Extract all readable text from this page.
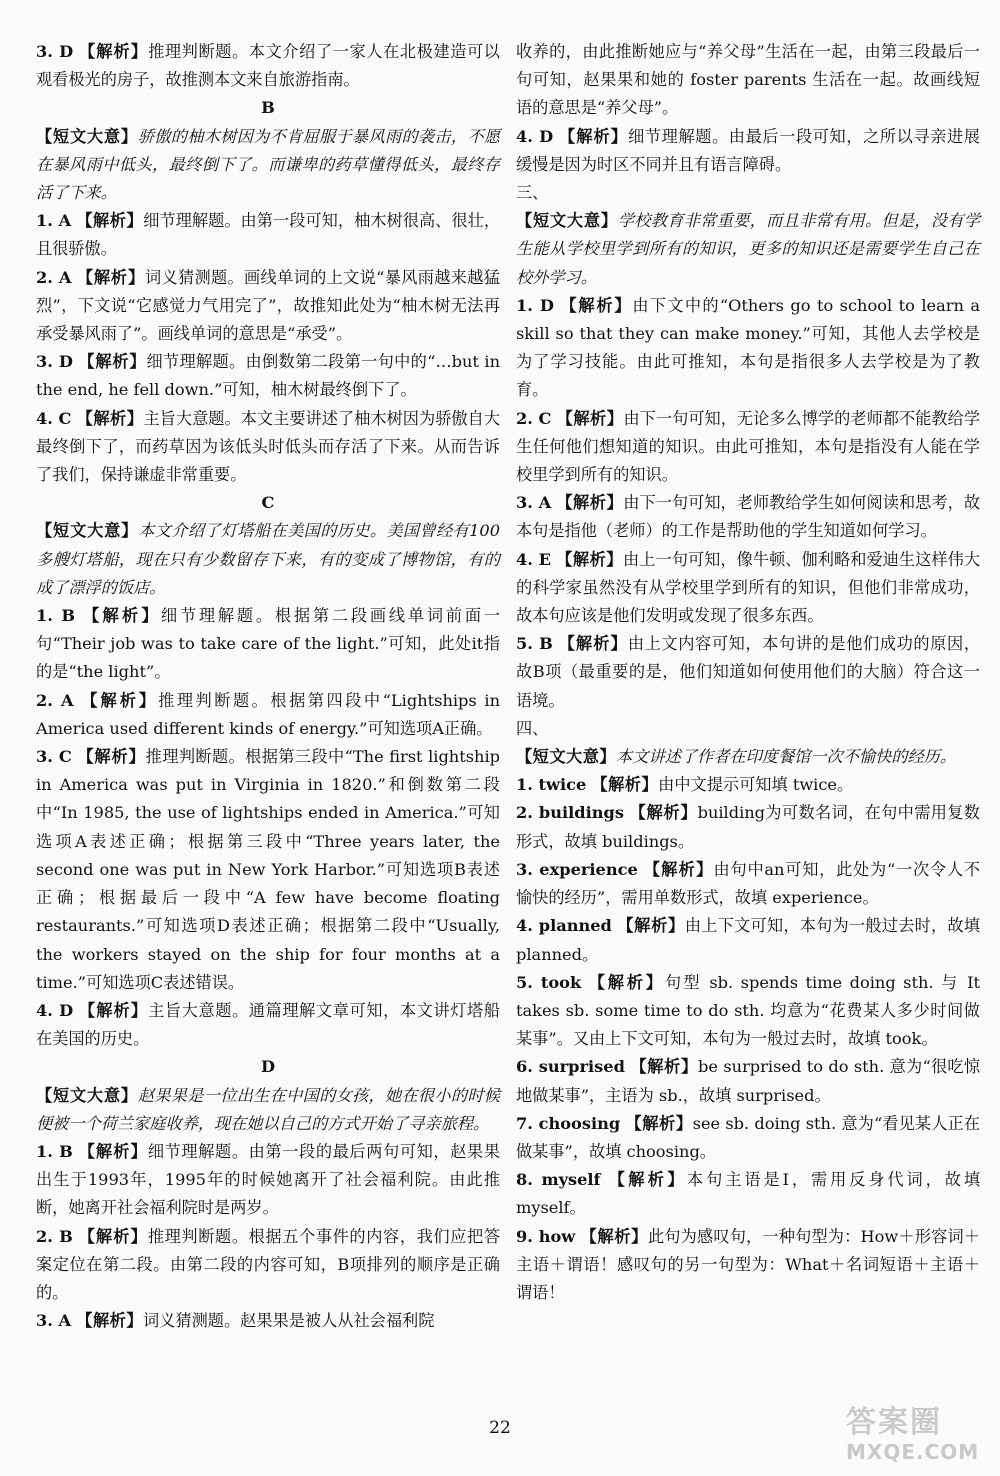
3. D 【解析】推理判断题。本文介绍了一家人在北极建造可以观看极光的房子，故推测本文来自旅游指南。

B

【短文大意】骄傲的柚木树因为不肯屈服于暴风雨的袭击，不愿在暴风雨中低头，最终倒下了。而谦卑的药草懂得低头，最终存活了下来。

1. A 【解析】细节理解题。由第一段可知，柚木树很高、很壮，且很骄傲。

2. A 【解析】词义猜测题。画线单词的上文说“暴风雨越来越猛烈”，下文说“它感觉力气用完了”，故推知此处为“柚木树无法再承受暴风雨了”。画线单词的意思是“承受”。

3. D 【解析】细节理解题。由倒数第二段第一句中的“…but in the end, he fell down.”可知，柚木树最终倒下了。

4. C 【解析】主旨大意题。本文主要讲述了柚木树因为骄傲自大最终倒下了，而药草因为该低头时低头而存活了下来。从而告诉了我们，保持谦虚非常重要。

C

【短文大意】本文介绍了灯塔船在美国的历史。美国曾经有100多艘灯塔船，现在只有少数留存下来，有的变成了博物馆，有的成了漂浮的饭店。

1. B 【解析】细节理解题。根据第二段画线单词前面一句“Their job was to take care of the light.”可知，此处it指的是“the light”。

2. A 【解析】推理判断题。根据第四段中“Lightships in America used different kinds of energy.”可知选项A正确。

3. C 【解析】推理判断题。根据第三段中“The first lightship in America was put in Virginia in 1820.”和倒数第二段中“In 1985, the use of lightships ended in America.”可知选项A表述正确；根据第三段中“Three years later, the second one was put in New York Harbor.”可知选项B表述正确；根据最后一段中“A few have become floating restaurants.”可知选项D表述正确；根据第二段中“Usually, the workers stayed on the ship for four months at a time.”可知选项C表述错误。

4. D 【解析】主旨大意题。通篇理解文章可知，本文讲灯塔船在美国的历史。

D

【短文大意】赵果果是一位出生在中国的女孩，她在很小的时候便被一个荷兰家庭收养，现在她以自己的方式开始了寻亲旅程。

1. B 【解析】细节理解题。由第一段的最后两句可知，赵果果出生于1993年，1995年的时候她离开了社会福利院。由此推断，她离开社会福利院时是两岁。

2. B 【解析】推理判断题。根据五个事件的内容，我们应把答案定位在第二段。由第二段的内容可知，B项排列的顺序是正确的。

3. A 【解析】词义猜测题。赵果果是被人从社会福利院

收养的，由此推断她应与“养父母”生活在一起，由第三段最后一句可知，赵果果和她的 foster parents 生活在一起。故画线短语的意思是“养父母”。

4. D 【解析】细节理解题。由最后一段可知，之所以寻亲进展缓慢是因为时区不同并且有语言障碍。

三、

【短文大意】学校教育非常重要，而且非常有用。但是，没有学生能从学校里学到所有的知识，更多的知识还是需要学生自己在校外学习。

1. D 【解析】由下文中的“Others go to school to learn a skill so that they can make money.”可知，其他人去学校是为了学习技能。由此可推知，本句是指很多人去学校是为了教育。

2. C 【解析】由下一句可知，无论多么博学的老师都不能教给学生任何他们想知道的知识。由此可推知，本句是指没有人能在学校里学到所有的知识。

3. A 【解析】由下一句可知，老师教给学生如何阅读和思考，故本句是指他（老师）的工作是帮助他的学生知道如何学习。

4. E 【解析】由上一句可知，像牛顿、伽利略和爱迪生这样伟大的科学家虽然没有从学校里学到所有的知识，但他们非常成功，故本句应该是他们发明或发现了很多东西。

5. B 【解析】由上文内容可知，本句讲的是他们成功的原因，故B项（最重要的是，他们知道如何使用他们的大脑）符合这一语境。

四、

【短文大意】本文讲述了作者在印度餐馆一次不愉快的经历。

1. twice 【解析】由中文提示可知填 twice。

2. buildings 【解析】building为可数名词，在句中需用复数形式，故填 buildings。

3. experience 【解析】由句中an可知，此处为“一次令人不愉快的经历”，需用单数形式，故填 experience。

4. planned 【解析】由上下文可知，本句为一般过去时，故填 planned。

5. took 【解析】句型 sb. spends time doing sth. 与 It takes sb. some time to do sth. 均意为“花费某人多少时间做某事”。又由上下文可知，本句为一般过去时，故填 took。

6. surprised 【解析】be surprised to do sth. 意为“很吃惊地做某事”，主语为 sb.，故填 surprised。

7. choosing 【解析】see sb. doing sth. 意为“看见某人正在做某事”，故填 choosing。

8. myself 【解析】本句主语是I，需用反身代词，故填 myself。

9. how 【解析】此句为感叹句，一种句型为：How＋形容词＋主语＋谓语！感叹句的另一句型为：What＋名词短语＋主语＋谓语！

22	答案圈
MXQE.COM
